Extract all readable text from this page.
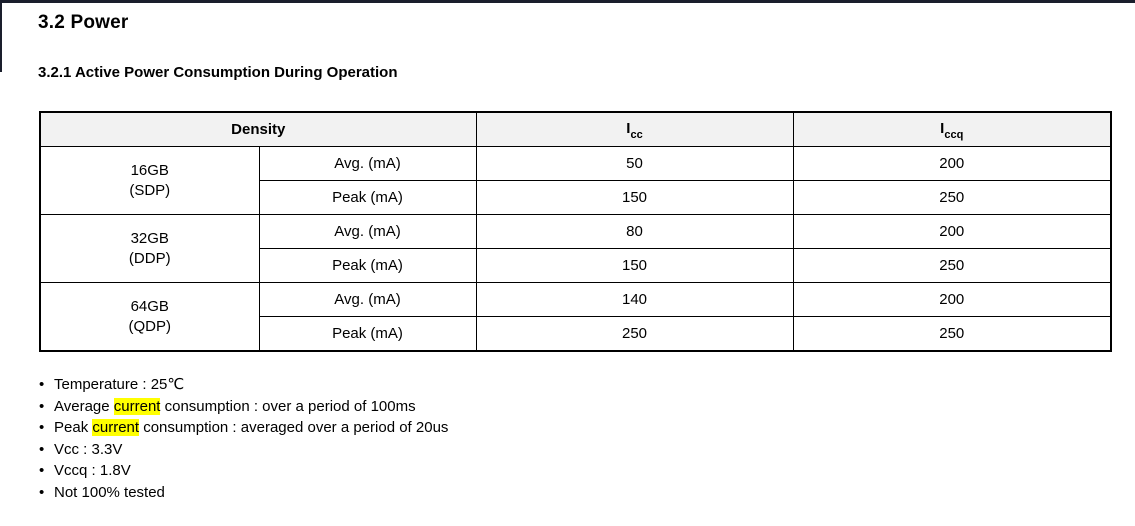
3.2 Power
3.2.1 Active Power Consumption During Operation
Density		$I_{cc}$	$I_{ccq}$

16GB
(SDP)	Avg. (mA)	50	200
	Peak (mA)	150	250

32GB
(DDP)	Avg. (mA)	80	200
	Peak (mA)	150	250

64GB
(QDP)	Avg. (mA)	140	200
	Peak (mA)	250	250
• Temperature : 25℃
• Average current consumption : over a period of 100ms
• Peak current consumption : averaged over a period of 20us
• Vcc : 3.3V
• Vccq : 1.8V
• Not 100% tested
